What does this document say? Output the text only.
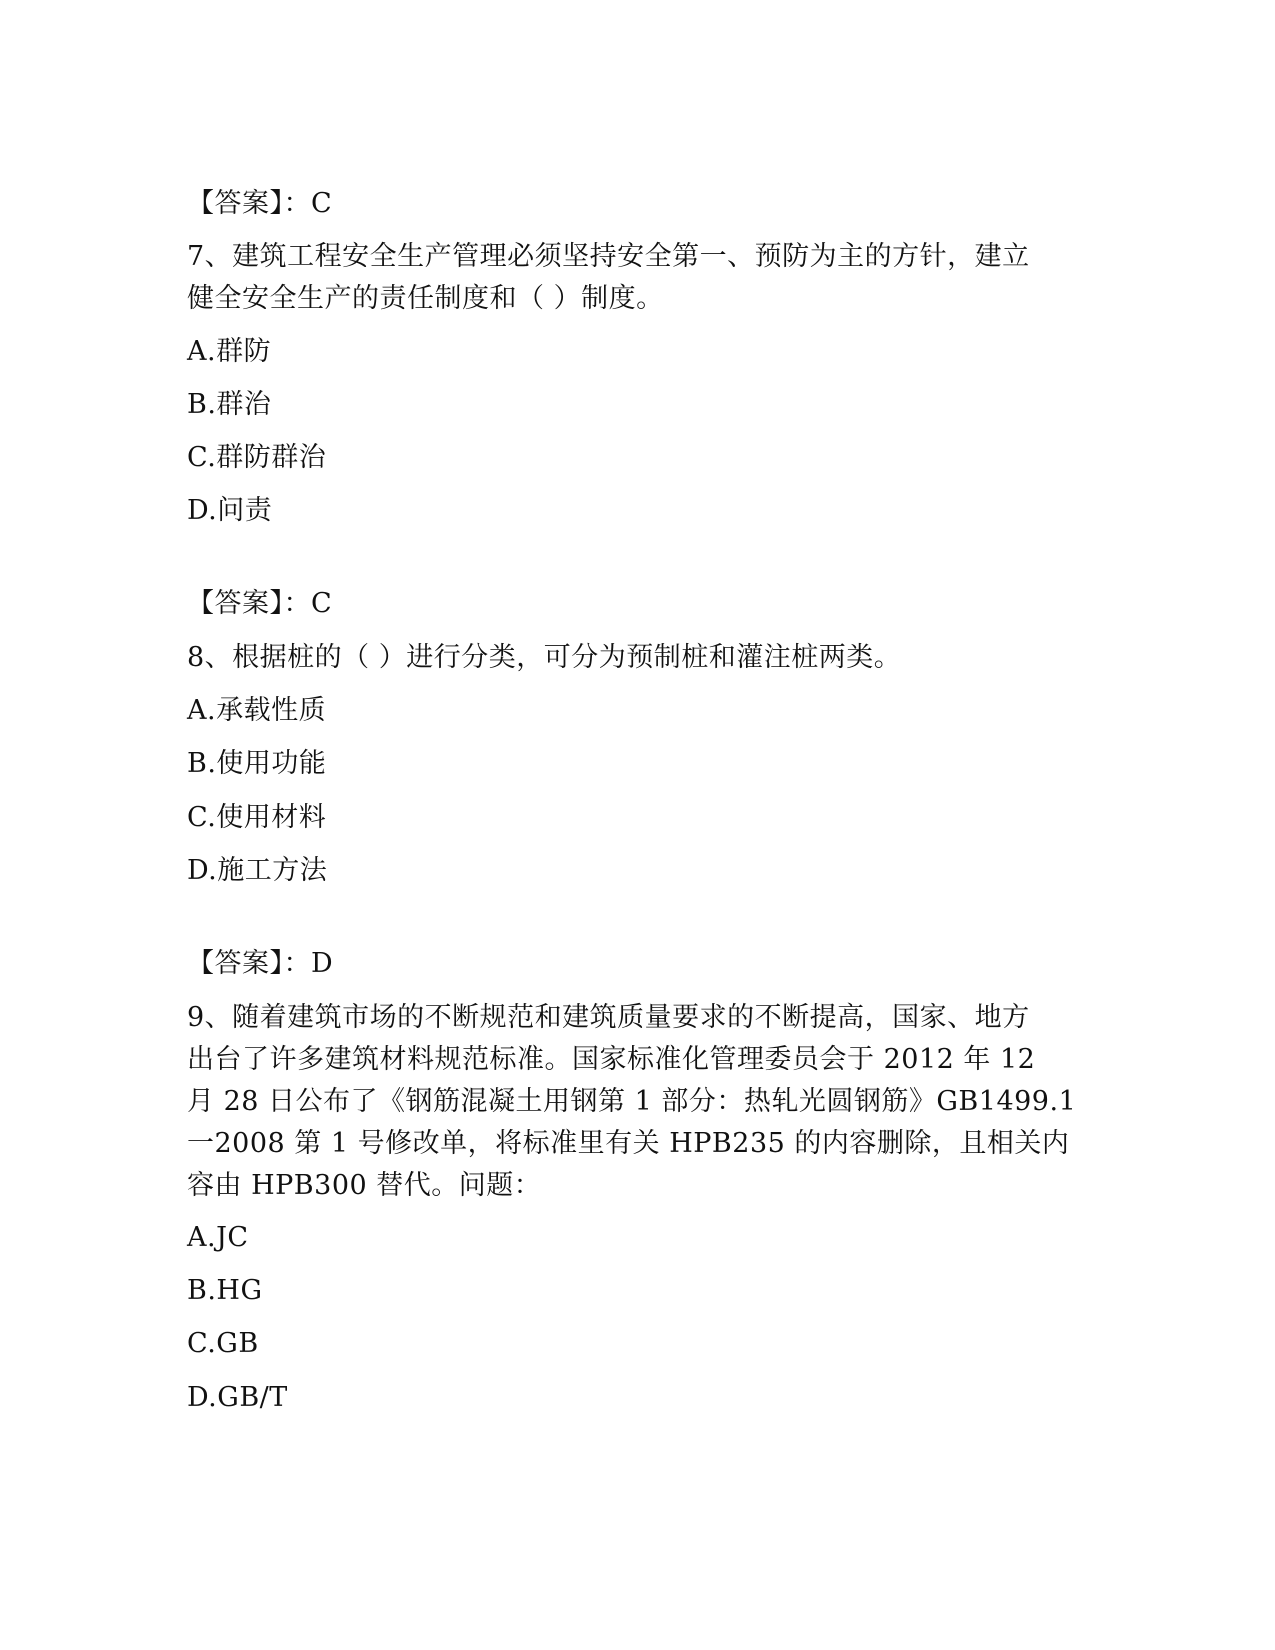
【答案】：C
7、建筑工程安全生产管理必须坚持安全第一、预防为主的方针，建立
健全安全生产的责任制度和（ ）制度。
A.群防
B.群治
C.群防群治
D.问责
【答案】：C
8、根据桩的（ ）进行分类，可分为预制桩和灌注桩两类。
A.承载性质
B.使用功能
C.使用材料
D.施工方法
【答案】：D
9、随着建筑市场的不断规范和建筑质量要求的不断提高，国家、地方
出台了许多建筑材料规范标准。国家标准化管理委员会于 2012 年 12
月 28 日公布了《钢筋混凝土用钢第 1 部分：热轧光圆钢筋》GB1499.1
一2008 第 1 号修改单，将标准里有关 HPB235 的内容删除，且相关内
容由 HPB300 替代。问题：
A.JC
B.HG
C.GB
D.GB/T
